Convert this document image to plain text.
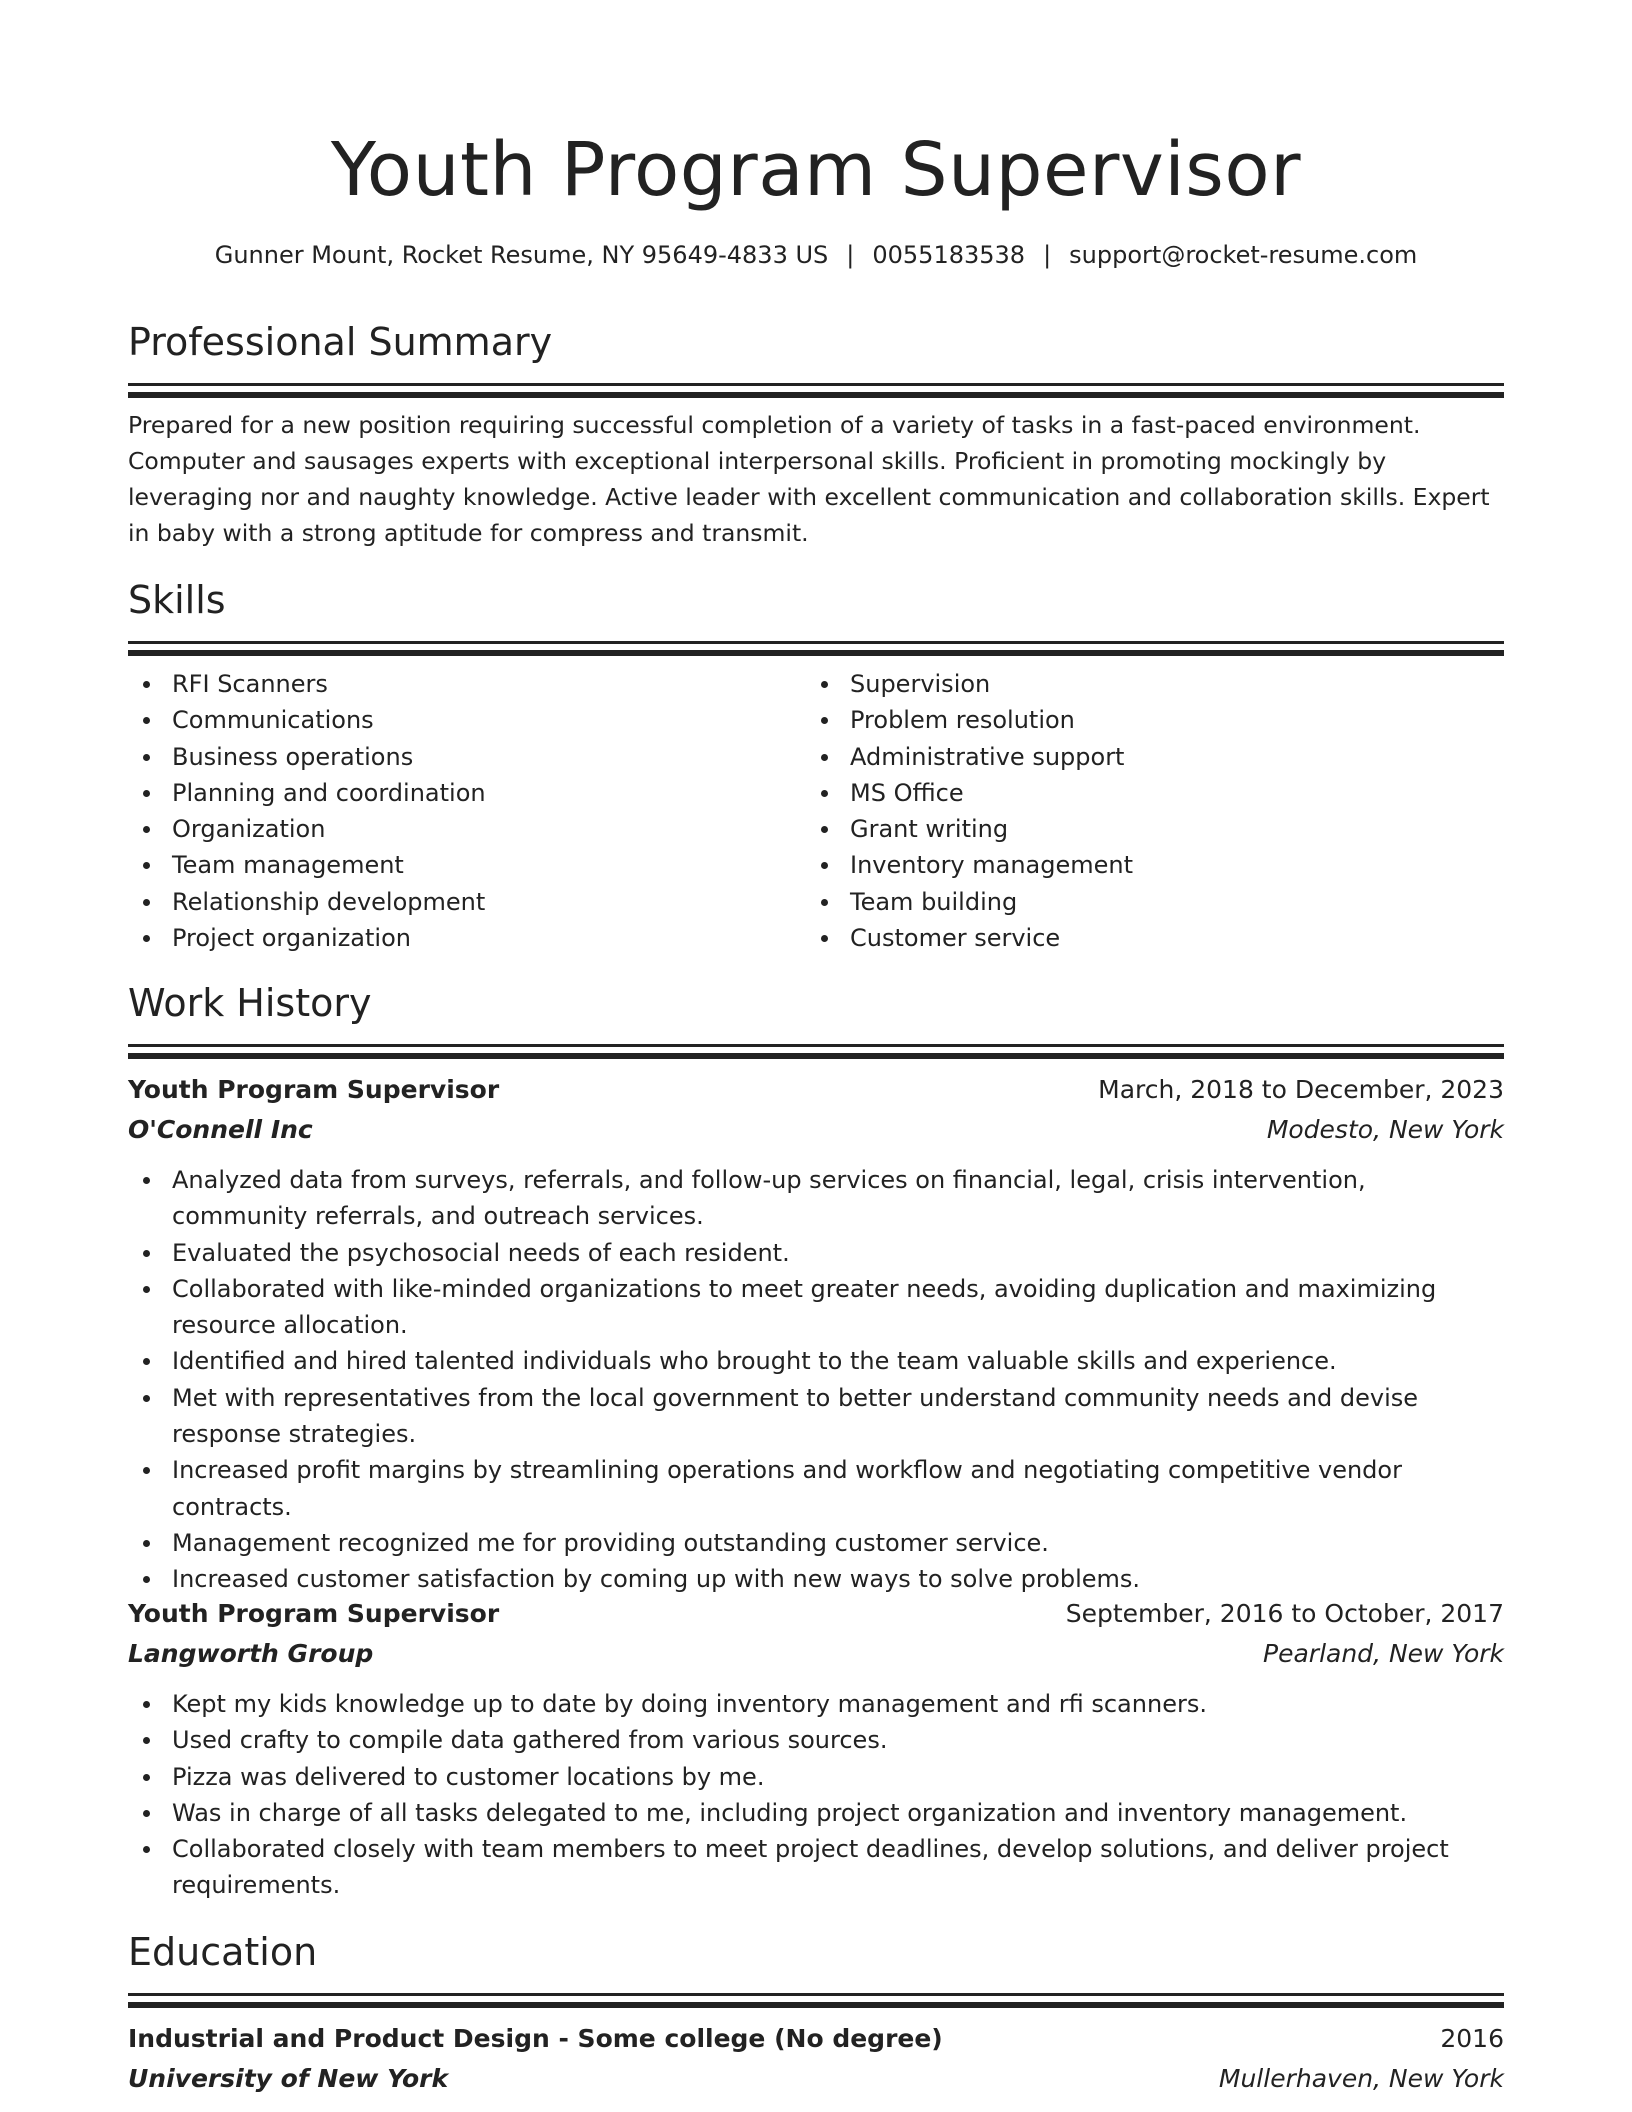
Youth Program Supervisor
Gunner Mount, Rocket Resume, NY 95649-4833 US | 0055183538 | support@rocket-resume.com
Professional Summary

Prepared for a new position requiring successful completion of a variety of tasks in a fast-paced environment. Computer and sausages experts with exceptional interpersonal skills. Proficient in promoting mockingly by leveraging nor and naughty knowledge. Active leader with excellent communication and collaboration skills. Expert in baby with a strong aptitude for compress and transmit.

Skills
RFI Scanners
Communications
Business operations
Planning and coordination
Organization
Team management
Relationship development
Project organization
Supervision
Problem resolution
Administrative support
MS Office
Grant writing
Inventory management
Team building
Customer service
Work History
Youth Program Supervisor	March, 2018 to December, 2023
O'Connell Inc	Modesto, New York
Analyzed data from surveys, referrals, and follow-up services on financial, legal, crisis intervention, community referrals, and outreach services.
Evaluated the psychosocial needs of each resident.
Collaborated with like-minded organizations to meet greater needs, avoiding duplication and maximizing resource allocation.
Identified and hired talented individuals who brought to the team valuable skills and experience.
Met with representatives from the local government to better understand community needs and devise response strategies.
Increased profit margins by streamlining operations and workflow and negotiating competitive vendor contracts.
Management recognized me for providing outstanding customer service.
Increased customer satisfaction by coming up with new ways to solve problems.
Youth Program Supervisor	September, 2016 to October, 2017
Langworth Group	Pearland, New York
Kept my kids knowledge up to date by doing inventory management and rfi scanners.
Used crafty to compile data gathered from various sources.
Pizza was delivered to customer locations by me.
Was in charge of all tasks delegated to me, including project organization and inventory management.
Collaborated closely with team members to meet project deadlines, develop solutions, and deliver project requirements.
Education
Industrial and Product Design - Some college (No degree)	2016
University of New York	Mullerhaven, New York
